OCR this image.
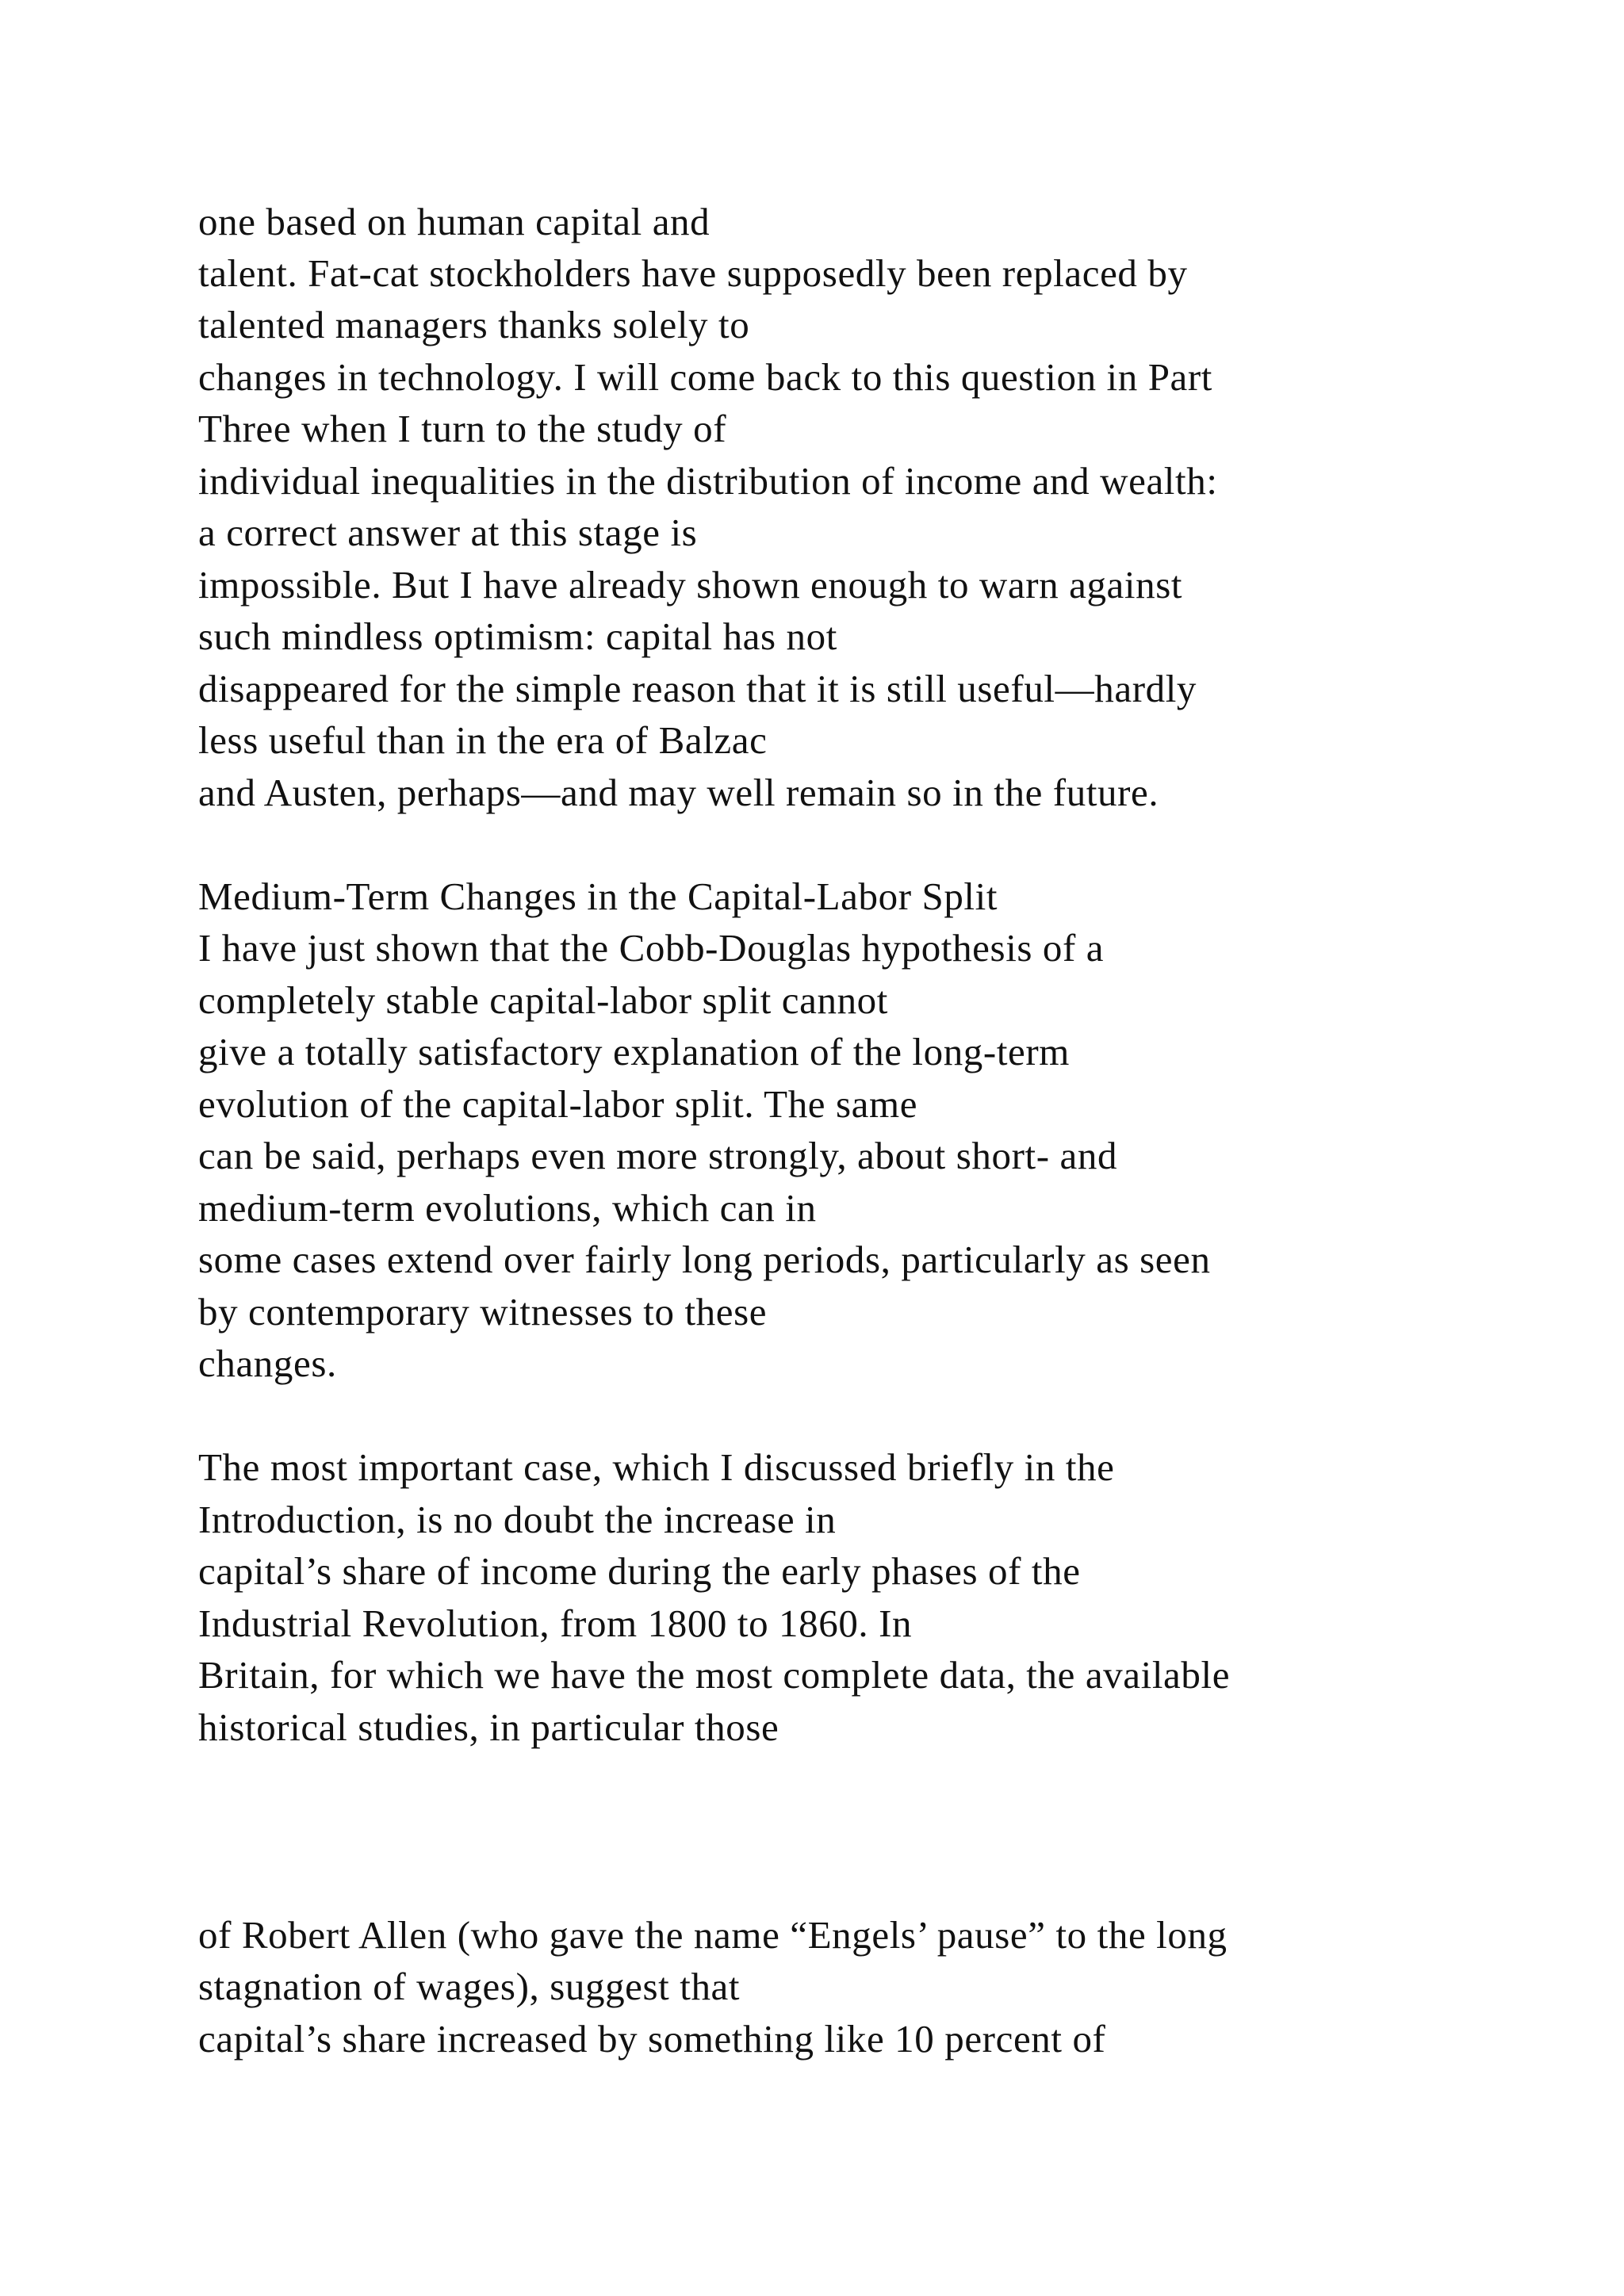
one based on human capital and

talent. Fat-cat stockholders have supposedly been replaced by

talented managers thanks solely to

changes in technology. I will come back to this question in Part

Three when I turn to the study of

individual inequalities in the distribution of income and wealth:

a correct answer at this stage is

impossible. But I have already shown enough to warn against

such mindless optimism: capital has not

disappeared for the simple reason that it is still useful—hardly

less useful than in the era of Balzac

and Austen, perhaps—and may well remain so in the future.

Medium-Term Changes in the Capital-Labor Split

I have just shown that the Cobb-Douglas hypothesis of a

completely stable capital-labor split cannot

give a totally satisfactory explanation of the long-term

evolution of the capital-labor split. The same

can be said, perhaps even more strongly, about short- and

medium-term evolutions, which can in

some cases extend over fairly long periods, particularly as seen

by contemporary witnesses to these

changes.

The most important case, which I discussed briefly in the

Introduction, is no doubt the increase in

capital’s share of income during the early phases of the

Industrial Revolution, from 1800 to 1860. In

Britain, for which we have the most complete data, the available

historical studies, in particular those

of Robert Allen (who gave the name “Engels’ pause” to the long

stagnation of wages), suggest that

capital’s share increased by something like 10 percent of
